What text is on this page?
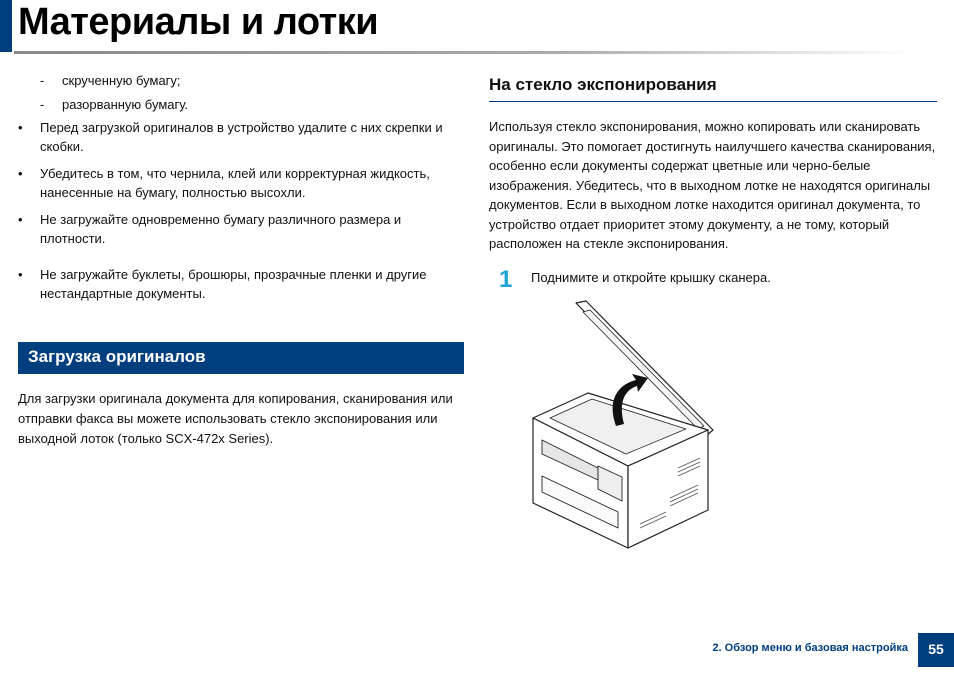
Материалы и лотки
- скрученную бумагу;
- разорванную бумагу.
• Перед загрузкой оригиналов в устройство удалите с них скрепки и скобки.
• Убедитесь в том, что чернила, клей или корректурная жидкость, нанесенные на бумагу, полностью высохли.
• Не загружайте одновременно бумагу различного размера и плотности.
• Не загружайте буклеты, брошюры, прозрачные пленки и другие нестандартные документы.
Загрузка оригиналов
Для загрузки оригинала документа для копирования, сканирования или отправки факса вы можете использовать стекло экспонирования или выходной лоток (только SCX-472x Series).
На стекло экспонирования
Используя стекло экспонирования, можно копировать или сканировать оригиналы. Это помогает достигнуть наилучшего качества сканирования, особенно если документы содержат цветные или черно-белые изображения. Убедитесь, что в выходном лотке не находятся оригиналы документов. Если в выходном лотке находится оригинал документа, то устройство отдает приоритет этому документу, а не тому, который расположен на стекле экспонирования.
1 Поднимите и откройте крышку сканера.
2. Обзор меню и базовая настройка	55
